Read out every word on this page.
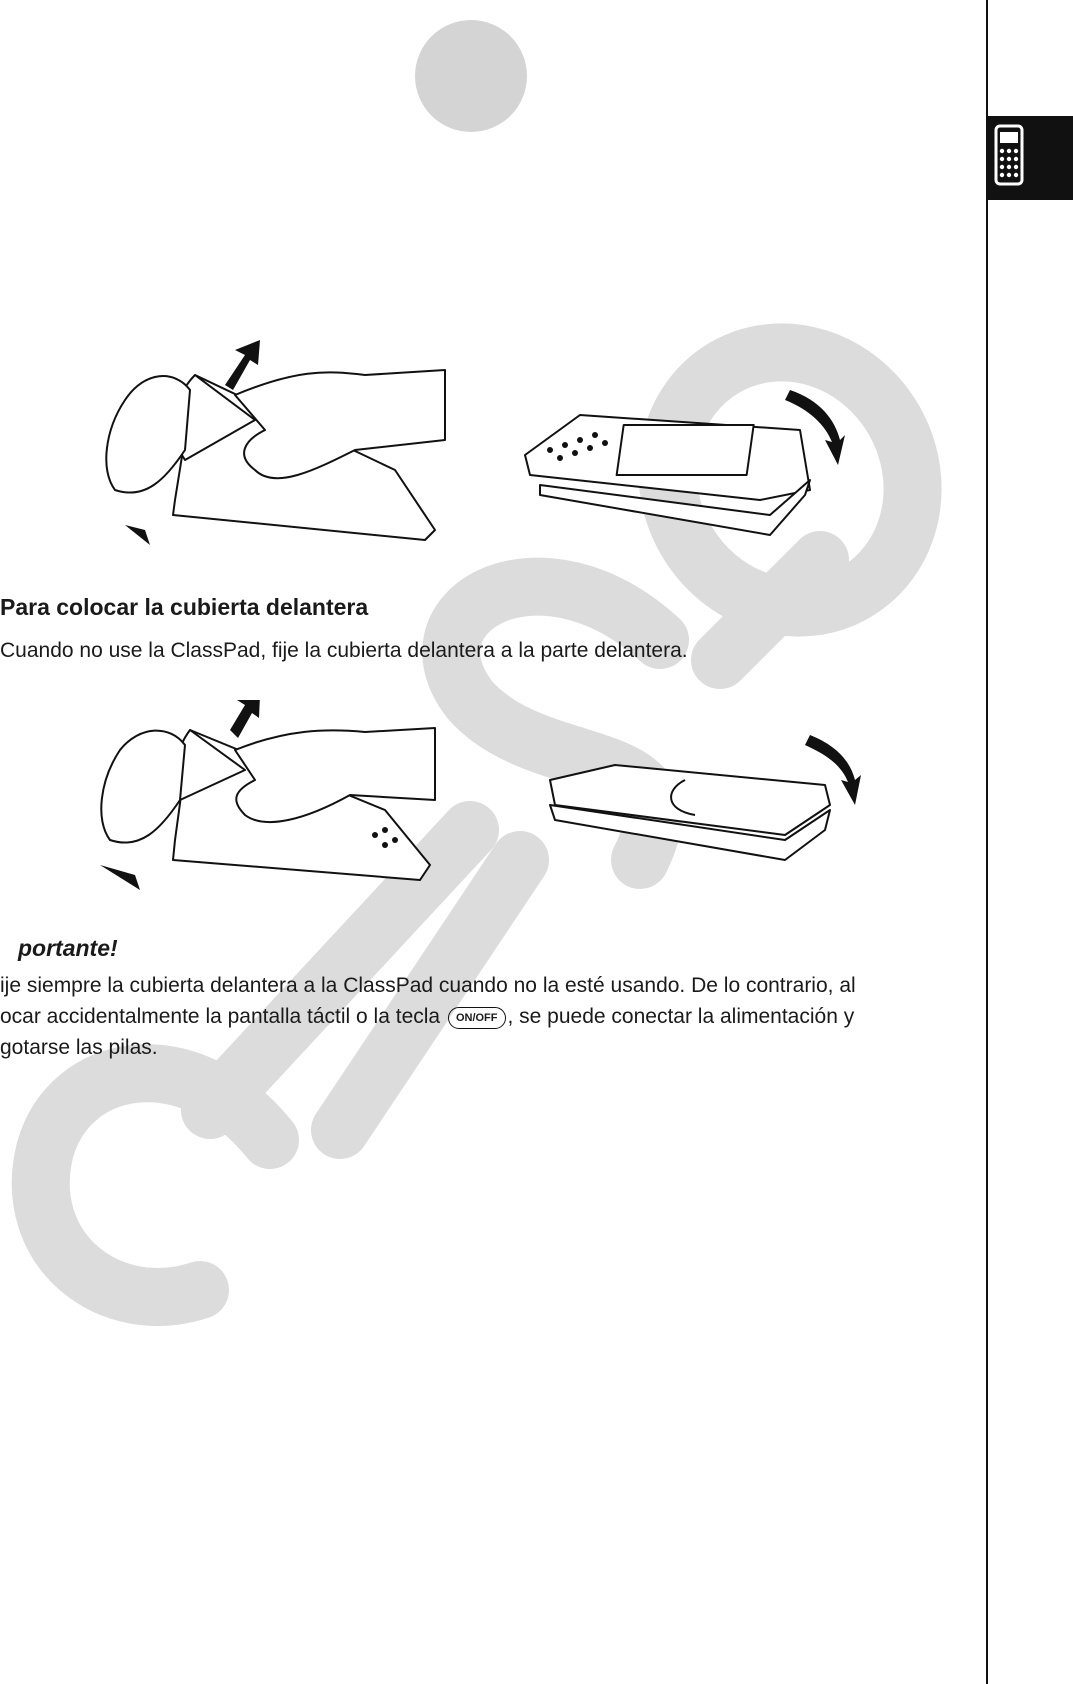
Para colocar la cubierta delantera

Cuando no use la ClassPad, fije la cubierta delantera a la parte delantera.

portante!

ije siempre la cubierta delantera a la ClassPad cuando no la esté usando. De lo contrario, al
ocar accidentalmente la pantalla táctil o la tecla ON/OFF , se puede conectar la alimentación y
gotarse las pilas.
